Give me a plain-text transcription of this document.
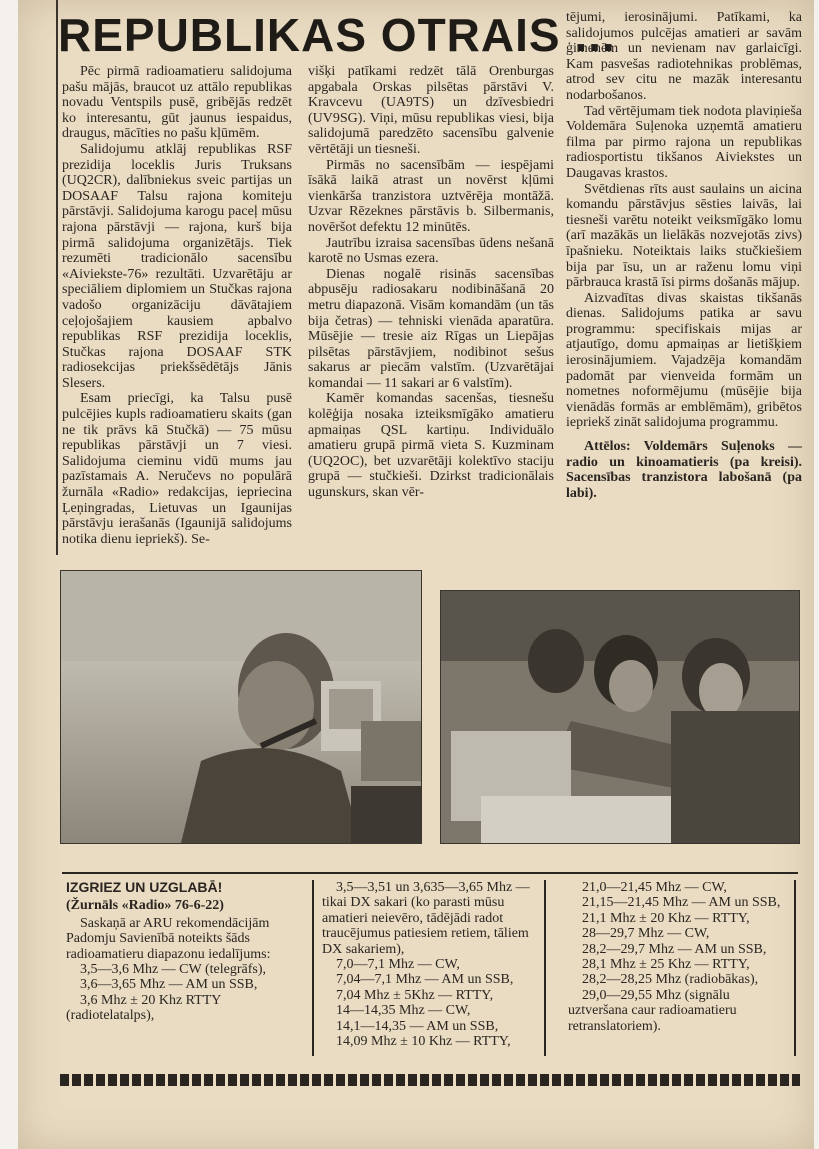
REPUBLIKAS OTRAIS ...

Pēc pirmā radioamatieru salidojuma pašu mājās, braucot uz attālo republikas novadu Ventspils pusē, gribējās redzēt ko interesantu, gūt jaunus iespaidus, draugus, mācīties no pašu kļūmēm.

Salidojumu atklāj republikas RSF prezidija loceklis Juris Truksans (UQ2CR), dalībniekus sveic partijas un DOSAAF Talsu rajona komiteju pārstāvji. Salidojuma karogu paceļ mūsu rajona pārstāvji — rajona, kurš bija pirmā salidojuma organizētājs. Tiek rezumēti tradicionālo sacensību «Aiviekste-76» rezultāti. Uzvarētāju ar speciāliem diplomiem un Stučkas rajona vadošo organizāciju dāvātajiem ceļojošajiem kausiem apbalvo republikas RSF prezidija loceklis, Stučkas rajona DOSAAF STK radiosekcijas priekšsēdētājs Jānis Slesers.

Esam priecīgi, ka Talsu pusē pulcējies kupls radioamatieru skaits (gan ne tik prāvs kā Stučkā) — 75 mūsu republikas pārstāvji un 7 viesi. Salidojuma cieminu vidū mums jau pazīstamais A. Neručevs no populārā žurnāla «Radio» redakcijas, iepriecina Ļeņingradas, Lietuvas un Igaunijas pārstāvju ierašanās (Igaunijā salidojums notika dienu iepriekš). Se-

višķi patīkami redzēt tālā Orenburgas apgabala Orskas pilsētas pārstāvi V. Kravcevu (UA9TS) un dzīvesbiedri (UV9SG). Viņi, mūsu republikas viesi, bija salidojumā paredzēto sacensību galvenie vērtētāji un tiesneši.

Pirmās no sacensībām — iespējami īsākā laikā atrast un novērst kļūmi vienkārša tranzistora uztvērēja montāžā. Uzvar Rēzeknes pārstāvis b. Silbermanis, novēršot defektu 12 minūtēs.

Jautrību izraisa sacensības ūdens nešanā karotē no Usmas ezera.

Dienas nogalē risinās sacensības abpusēju radiosakaru nodibināšanā 20 metru diapazonā. Visām komandām (un tās bija četras) — tehniski vienāda aparatūra. Mūsējie — tresie aiz Rīgas un Liepājas pilsētas pārstāvjiem, nodibinot sešus sakarus ar piecām valstīm. (Uzvarētājai komandai — 11 sakari ar 6 valstīm).

Kamēr komandas sacenšas, tiesnešu kolēģija nosaka izteiksmīgāko amatieru apmaiņas QSL kartiņu. Individuālo amatieru grupā pirmā vieta S. Kuzminam (UQ2OC), bet uzvarētāji kolektīvo staciju grupā — stučkieši. Dzirkst tradicionālais ugunskurs, skan vēr-

tējumi, ierosinājumi. Patīkami, ka salidojumos pulcējas amatieri ar savām ģimenēm un nevienam nav garlaicīgi. Kam pasvešas radiotehnikas problēmas, atrod sev citu ne mazāk interesantu nodarbošanos.

Tad vērtējumam tiek nodota plaviņieša Voldemāra Suļenoka uzņemtā amatieru filma par pirmo rajona un republikas radiosportistu tikšanos Aiviekstes un Daugavas krastos.

Svētdienas rīts aust saulains un aicina komandu pārstāvjus sēsties laivās, lai tiesneši varētu noteikt veiksmīgāko lomu (arī mazākās un lielākās nozvejotās zivs) īpašnieku. Noteiktais laiks stučkiešiem bija par īsu, un ar raženu lomu viņi pārbrauca krastā īsi pirms došanās mājup.

Aizvadītas divas skaistas tikšanās dienas. Salidojums patika ar savu programmu: specifiskais mijas ar atjautīgo, domu apmaiņas ar lietišķiem ierosinājumiem. Vajadzēja komandām padomāt par vienveida formām un nometnes noformējumu (mūsējie bija vienādās formās ar emblēmām), gribētos iepriekš zināt salidojuma programmu.

Attēlos: Voldemārs Suļenoks — radio un kinoamatieris (pa kreisi). Sacensības tranzistora labošanā (pa labi).

IZGRIEZ UN UZGLABĀ!
(Žurnāls «Radio» 76-6-22)
Saskaņā ar ARU rekomendācijām Padomju Savienībā noteikts šāds radioamatieru diapazonu iedalījums:
3,5—3,6 Mhz — CW (telegrāfs),
3,6—3,65 Mhz — AM un SSB,
3,6 Mhz ± 20 Khz RTTY (radiotelatalps),
3,5—3,51 un 3,635—3,65 Mhz — tikai DX sakari (ko parasti mūsu amatieri neievēro, tādējādi radot traucējumus patiesiem retiem, tāliem DX sakariem),
7,0—7,1 Mhz — CW,
7,04—7,1 Mhz — AM un SSB,
7,04 Mhz ± 5Khz — RTTY,
14—14,35 Mhz — CW,
14,1—14,35 — AM un SSB,
14,09 Mhz ± 10 Khz — RTTY,
21,0—21,45 Mhz — CW,
21,15—21,45 Mhz — AM un SSB,
21,1 Mhz ± 20 Khz — RTTY,
28—29,7 Mhz — CW,
28,2—29,7 Mhz — AM un SSB,
28,1 Mhz ± 25 Khz — RTTY,
28,2—28,25 Mhz (radiobākas),
29,0—29,55 Mhz (signālu uztveršana caur radioamatieru retranslatoriem).
